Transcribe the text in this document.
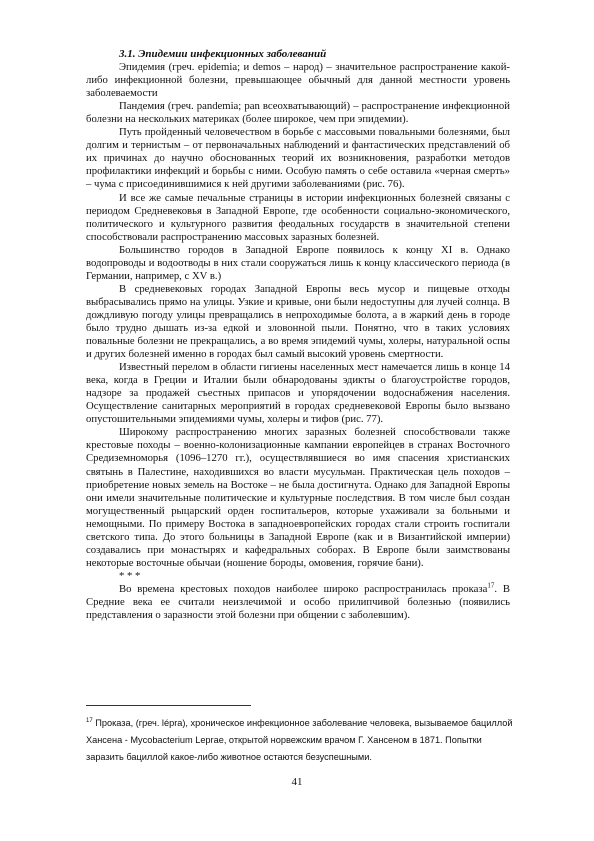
3.1. Эпидемии инфекционных заболеваний

Эпидемия (греч. epidemia; и demos – народ) – значительное распространение какой-либо инфекционной болезни, превышающее обычный для данной местности уровень заболеваемости

Пандемия (греч. pandemia; pan всеохватывающий) – распространение инфекционной болезни на нескольких материках (более широкое, чем при эпидемии).

Путь пройденный человечеством в борьбе с массовыми повальными болезнями, был долгим и тернистым – от первоначальных наблюдений и фантастических представлений об их причинах до научно обоснованных теорий их возникновения, разработки методов профилактики инфекций и борьбы с ними. Особую память о себе оставила «черная смерть» – чума с присоединившимися к ней другими заболеваниями (рис. 76).

И все же самые печальные страницы в истории инфекционных болезней связаны с периодом Средневековья в Западной Европе, где особенности социально-экономического, политического и культурного развития феодальных государств в значительной степени способствовали распространению массовых заразных болезней.

Большинство городов в Западной Европе появилось к концу XI в. Однако водопроводы и водоотводы в них стали сооружаться лишь к концу классического периода (в Германии, например, с XV в.)

В средневековых городах Западной Европы весь мусор и пищевые отходы выбрасывались прямо на улицы. Узкие и кривые, они были недоступны для лучей солнца. В дождливую погоду улицы превращались в непроходимые болота, а в жаркий день в городе было трудно дышать из-за едкой и зловонной пыли. Понятно, что в таких условиях повальные болезни не прекращались, а во время эпидемий чумы, холеры, натуральной оспы и других болезней именно в городах был самый высокий уровень смертности.

Известный перелом в области гигиены населенных мест намечается лишь в конце 14 века, когда в Греции и Италии были обнародованы эдикты о благоустройстве городов, надзоре за продажей съестных припасов и упорядочении водоснабжения населения. Осуществление санитарных мероприятий в городах средневековой Европы было вызвано опустошительными эпидемиями чумы, холеры и тифов (рис. 77).

Широкому распространению многих заразных болезней способствовали также крестовые походы – военно-колонизационные кампании европейцев в странах Восточного Средиземноморья (1096–1270 гг.), осуществлявшиеся во имя спасения христианских святынь в Палестине, находившихся во власти мусульман. Практическая цель походов – приобретение новых земель на Востоке – не была достигнута. Однако для Западной Европы они имели значительные политические и культурные последствия. В том числе был создан могущественный рыцарский орден госпитальеров, которые ухаживали за больными и немощными. По примеру Востока в западноевропейских городах стали строить госпитали светского типа. До этого больницы в Западной Европе (как и в Византийской империи) создавались при монастырях и кафедральных соборах. В Европе были заимствованы некоторые восточные обычаи (ношение бороды, омовения, горячие бани).

* * *

Во времена крестовых походов наиболее широко распространилась проказа$^{17}$. В Средние века ее считали неизлечимой и особо прилипчивой болезнью (появились представления о заразности этой болезни при общении с заболевшим).

$^{17}$ Проказа, (греч. lépra), хроническое инфекционное заболевание человека, вызываемое бациллой Хансена - Mycobacterium Leprae, открытой норвежским врачом Г. Хансеном в 1871. Попытки заразить бациллой какое-либо животное остаются безуспешными.
41
